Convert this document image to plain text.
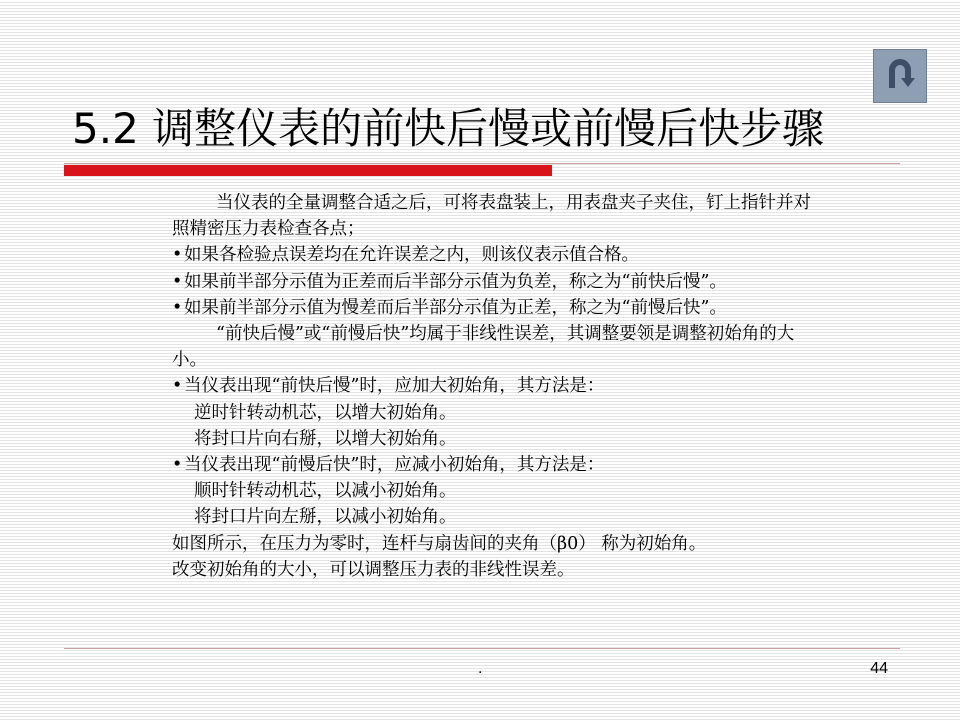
5.2 调整仪表的前快后慢或前慢后快步骤

当仪表的全量调整合适之后，可将表盘装上，用表盘夹子夹住，钉上指针并对照精密压力表检查各点；

•如果各检验点误差均在允许误差之内，则该仪表示值合格。

•如果前半部分示值为正差而后半部分示值为负差，称之为“前快后慢”。

•如果前半部分示值为慢差而后半部分示值为正差，称之为“前慢后快”。

“前快后慢”或“前慢后快”均属于非线性误差，其调整要领是调整初始角的大小。

•当仪表出现“前快后慢”时，应加大初始角，其方法是：

逆时针转动机芯，以增大初始角。

将封口片向右掰，以增大初始角。

•当仪表出现“前慢后快”时，应减小初始角，其方法是：

顺时针转动机芯，以减小初始角。

将封口片向左掰，以减小初始角。

如图所示，在压力为零时，连杆与扇齿间的夹角（β0） 称为初始角。

改变初始角的大小，可以调整压力表的非线性误差。

.	44
